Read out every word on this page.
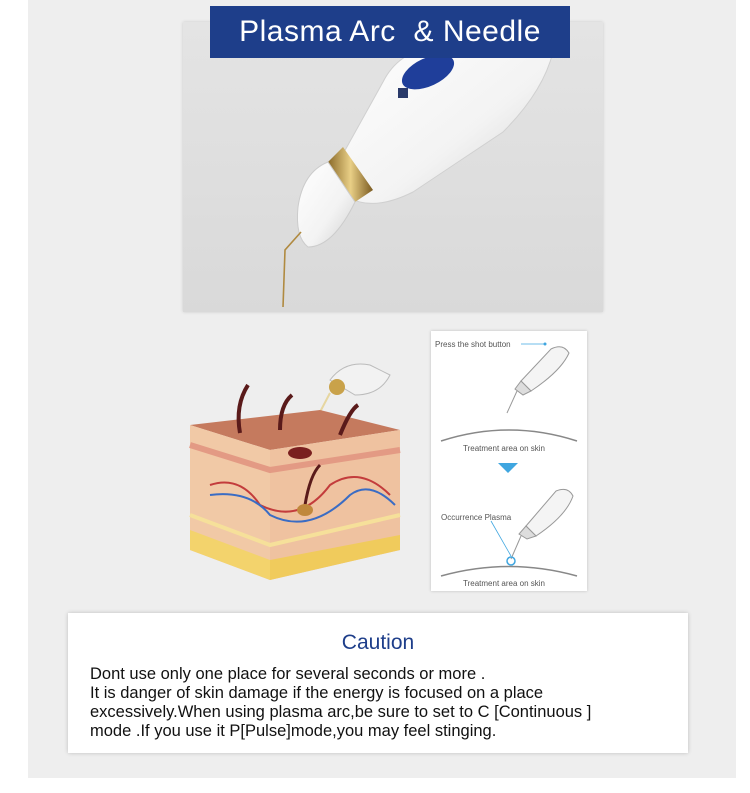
Plasma Arc  & Needle
Press the shot button
Treatment area on skin
Occurrence Plasma
Treatment area on skin
Caution
Dont use only one place for several seconds or more .
It is danger of skin damage if the energy is focused on a place
excessively.When using plasma arc,be sure to set to C [Continuous ]
mode .If you use it P[Pulse]mode,you may feel stinging.
